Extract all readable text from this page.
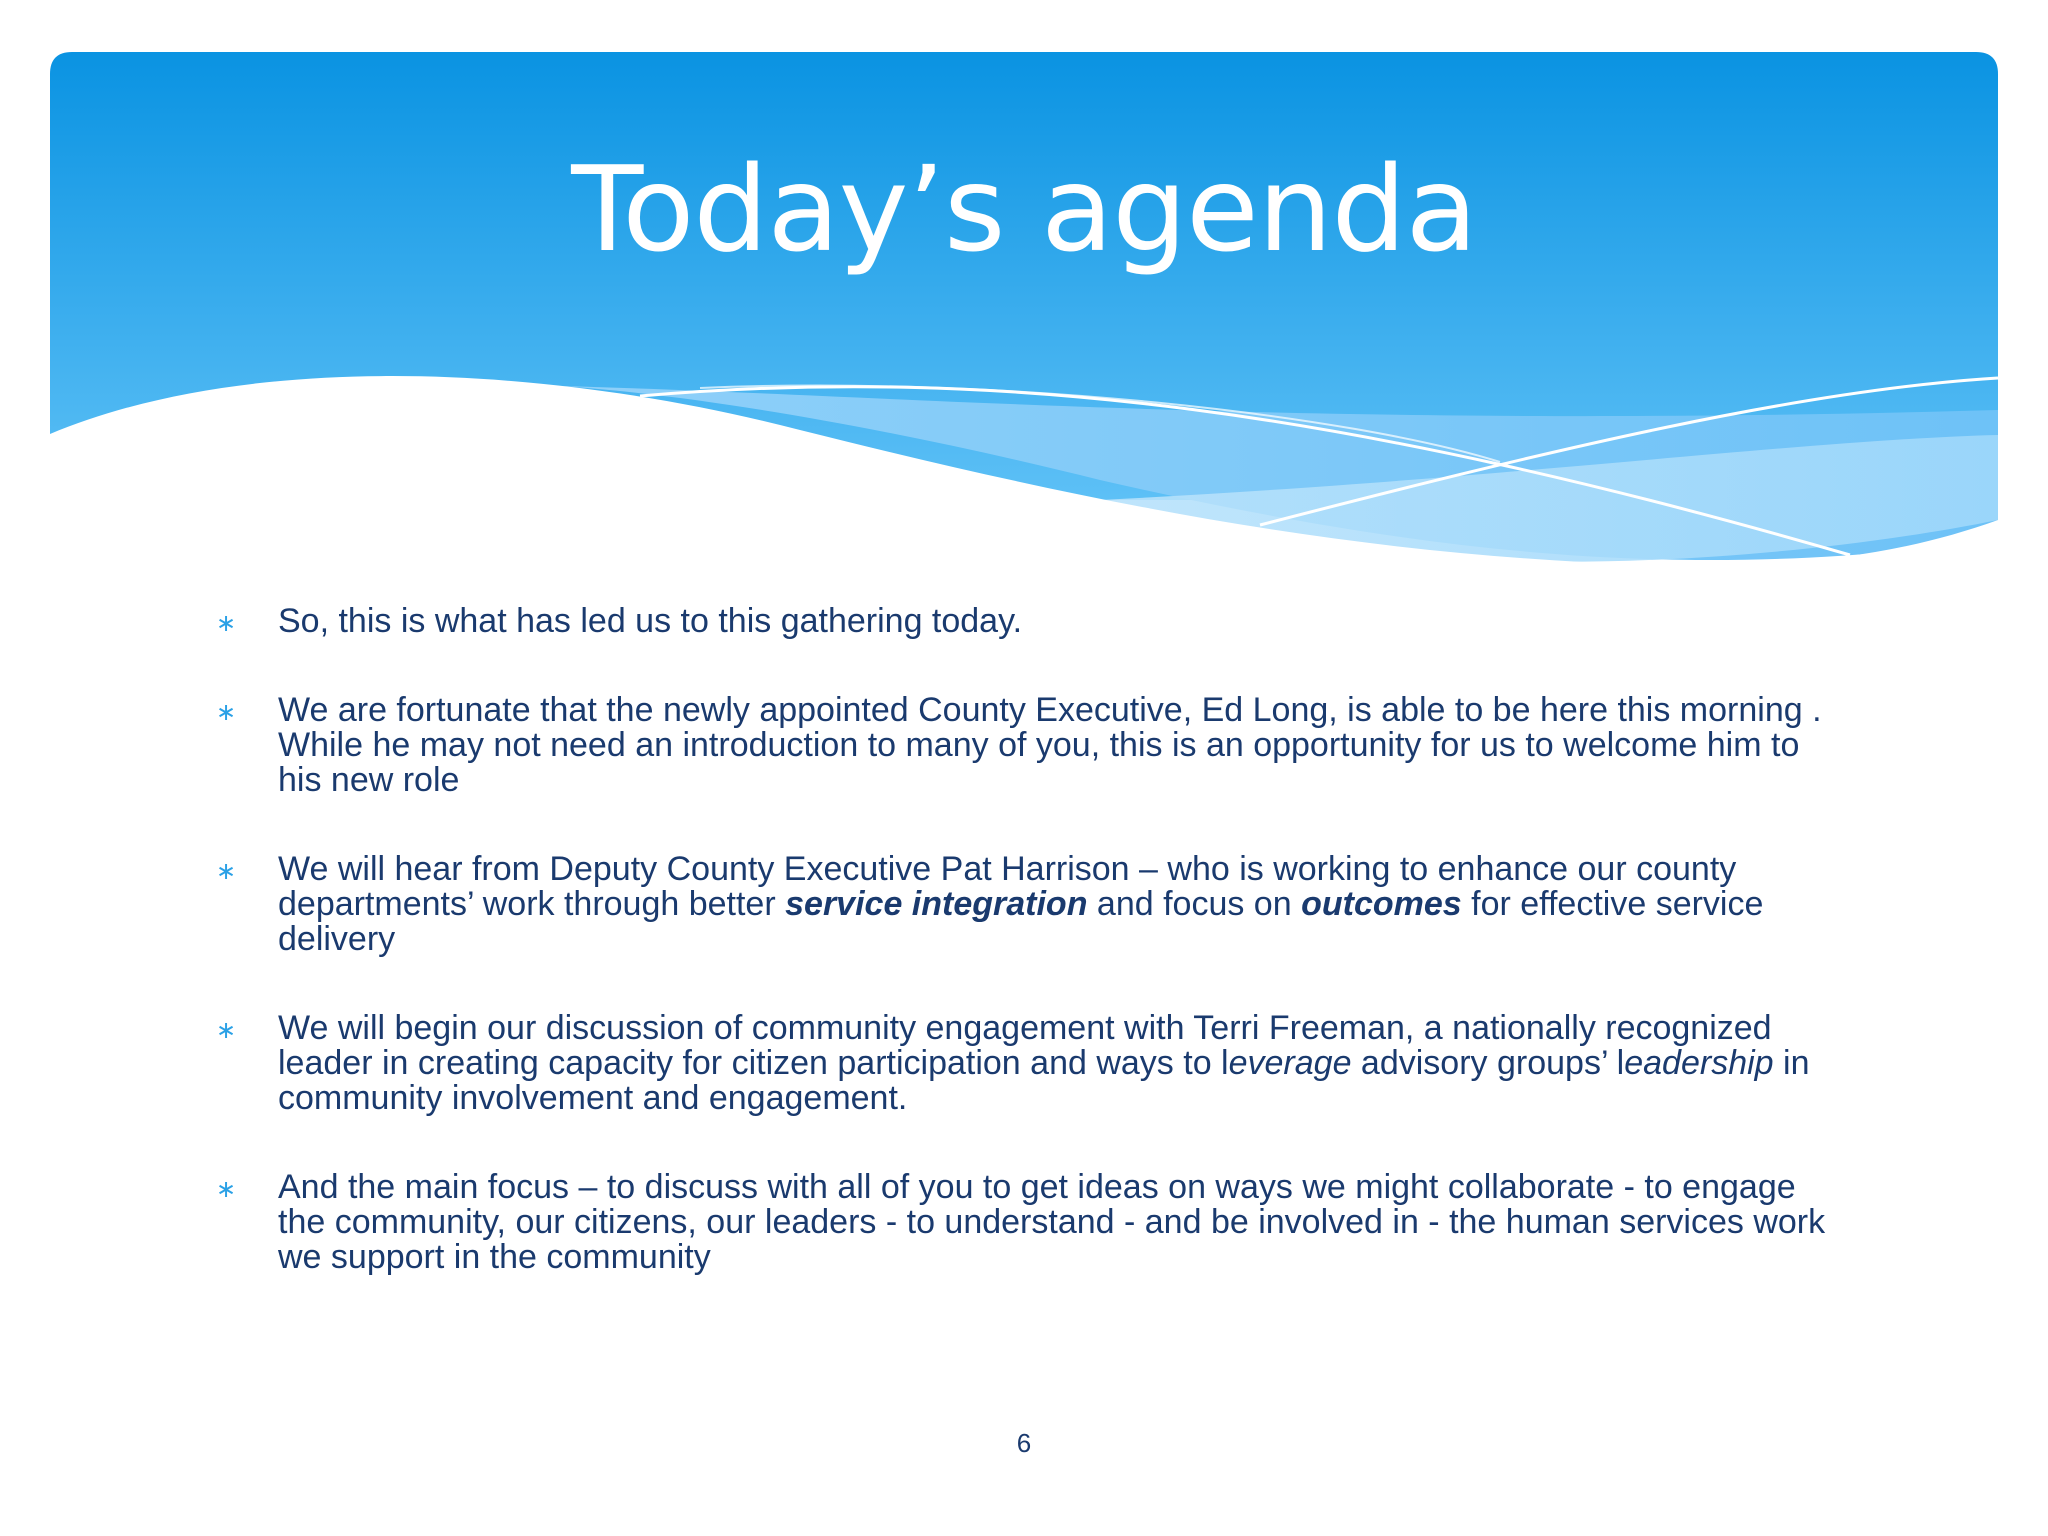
Today’s agenda
∗ So, this is what has led us to this gathering today.
∗ We are fortunate that the newly appointed County Executive, Ed Long, is able to be here this morning . While he may not need an introduction to many of you, this is an opportunity for us to welcome him to his new role
∗ We will hear from Deputy County Executive Pat Harrison – who is working to enhance our county departments’ work through better service integration and focus on outcomes for effective service delivery
∗ We will begin our discussion of community engagement with Terri Freeman, a nationally recognized leader in creating capacity for citizen participation and ways to leverage advisory groups’ leadership in community involvement and engagement.
∗ And the main focus – to discuss with all of you to get ideas on ways we might collaborate - to engage the community, our citizens, our leaders - to understand - and be involved in - the human services work we support in the community
6
